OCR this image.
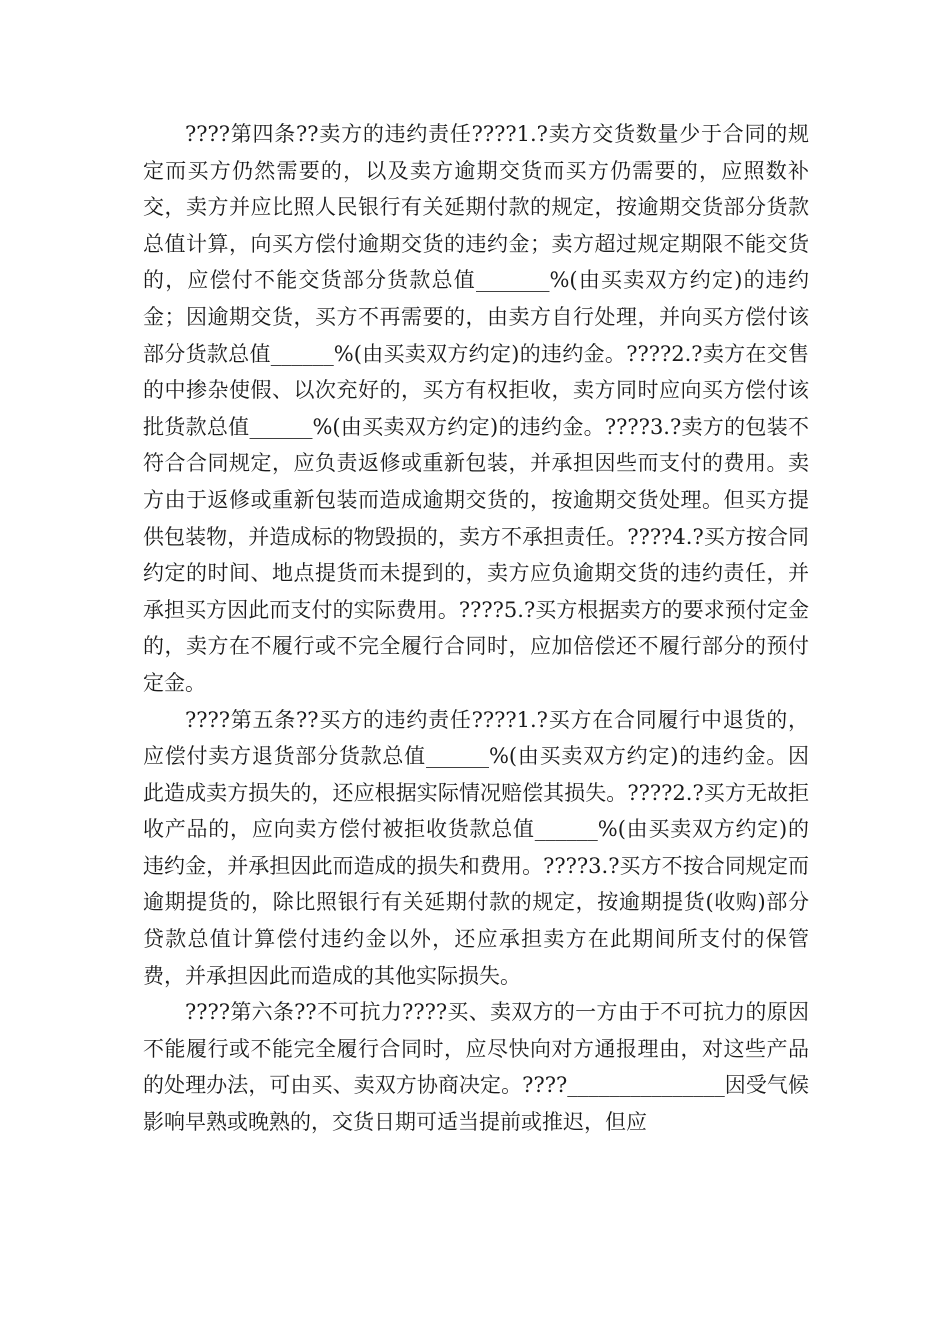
????第四条??卖方的违约责任????1.?卖方交货数量少于合同的规定而买方仍然需要的，以及卖方逾期交货而买方仍需要的，应照数补交，卖方并应比照人民银行有关延期付款的规定，按逾期交货部分货款总值计算，向买方偿付逾期交货的违约金；卖方超过规定期限不能交货的，应偿付不能交货部分货款总值_______%(由买卖双方约定)的违约金；因逾期交货，买方不再需要的，由卖方自行处理，并向买方偿付该部分货款总值______%(由买卖双方约定)的违约金。????2.?卖方在交售的中掺杂使假、以次充好的，买方有权拒收，卖方同时应向买方偿付该批货款总值______%(由买卖双方约定)的违约金。????3.?卖方的包装不符合合同规定，应负责返修或重新包装，并承担因些而支付的费用。卖方由于返修或重新包装而造成逾期交货的，按逾期交货处理。但买方提供包装物，并造成标的物毁损的，卖方不承担责任。????4.?买方按合同约定的时间、地点提货而未提到的，卖方应负逾期交货的违约责任，并承担买方因此而支付的实际费用。????5.?买方根据卖方的要求预付定金的，卖方在不履行或不完全履行合同时，应加倍偿还不履行部分的预付定金。

????第五条??买方的违约责任????1.?买方在合同履行中退货的，应偿付卖方退货部分货款总值______%(由买卖双方约定)的违约金。因此造成卖方损失的，还应根据实际情况赔偿其损失。????2.?买方无故拒收产品的，应向卖方偿付被拒收货款总值______%(由买卖双方约定)的违约金，并承担因此而造成的损失和费用。????3.?买方不按合同规定而逾期提货的，除比照银行有关延期付款的规定，按逾期提货(收购)部分贷款总值计算偿付违约金以外，还应承担卖方在此期间所支付的保管费，并承担因此而造成的其他实际损失。

????第六条??不可抗力????买、卖双方的一方由于不可抗力的原因不能履行或不能完全履行合同时，应尽快向对方通报理由，对这些产品的处理办法，可由买、卖双方协商决定。????_______________因受气候影响早熟或晚熟的，交货日期可适当提前或推迟，但应
